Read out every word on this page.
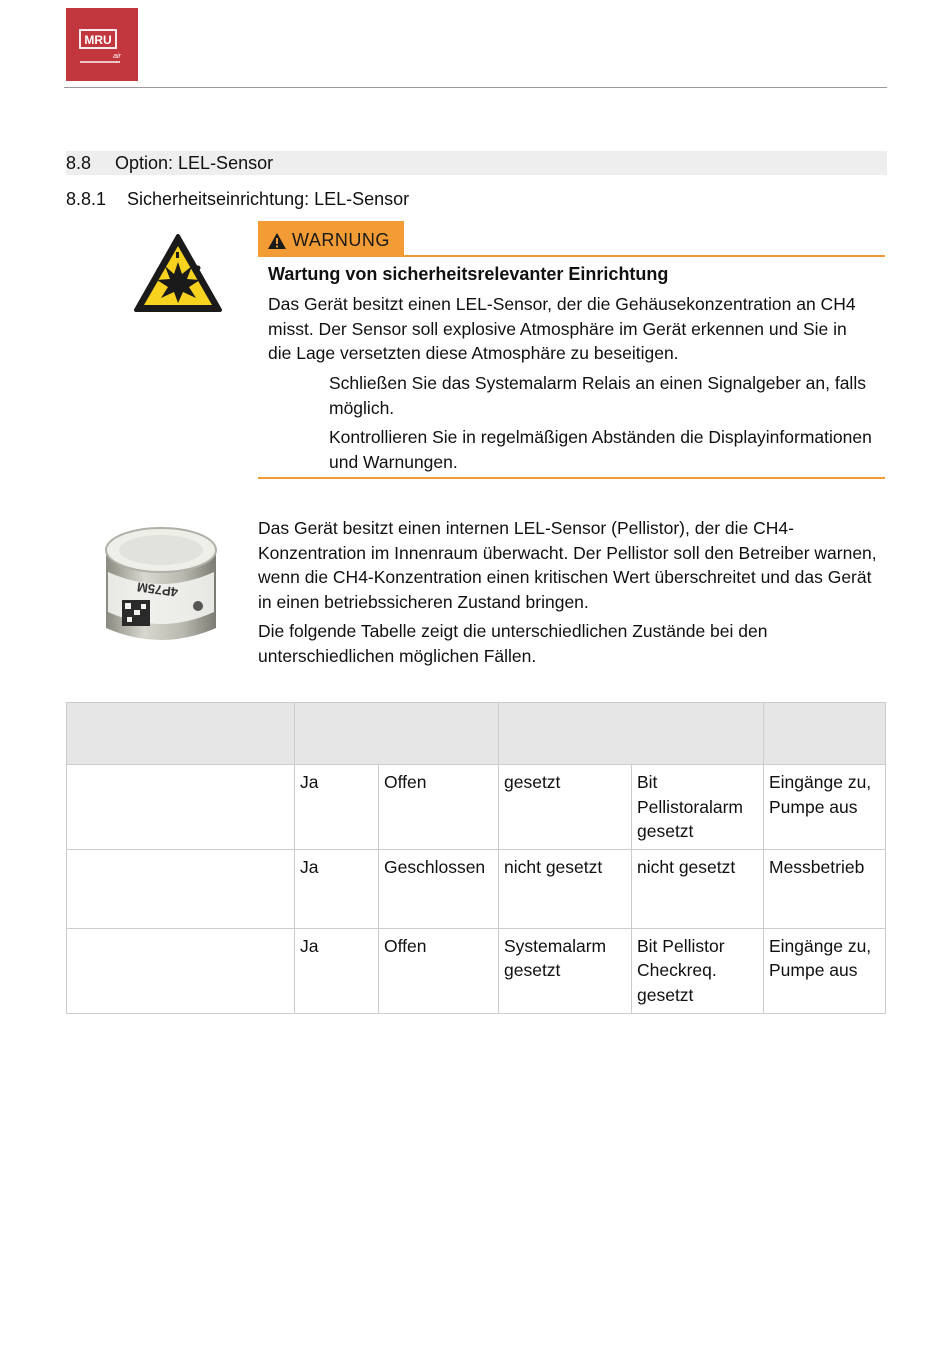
MRU
air
8.8 Option: LEL-Sensor
8.8.1 Sicherheitseinrichtung: LEL-Sensor
WARNUNG
Wartung von sicherheitsrelevanter Einrichtung

Das Gerät besitzt einen LEL-Sensor, der die Gehäusekonzentration an CH4 misst. Der Sensor soll explosive Atmosphäre im Gerät erkennen und Sie in die Lage versetzten diese Atmosphäre zu beseitigen.

Schließen Sie das Systemalarm Relais an einen Signalgeber an, falls möglich.

Kontrollieren Sie in regelmäßigen Abständen die Displayinformationen und Warnungen.

4P75M

Das Gerät besitzt einen internen LEL-Sensor (Pellistor), der die CH4-Konzentration im Innenraum überwacht. Der Pellistor soll den Betreiber warnen, wenn die CH4-Konzentration einen kritischen Wert überschreitet und das Gerät in einen betriebssicheren Zustand bringen.

Die folgende Tabelle zeigt die unterschiedlichen Zustände bei den unterschiedlichen möglichen Fällen.

	Ja	Offen	gesetzt	Bit Pellistoralarm gesetzt	Eingänge zu, Pumpe aus
	Ja	Geschlossen	nicht gesetzt	nicht gesetzt	Messbetrieb
	Ja	Offen	Systemalarm gesetzt	Bit Pellistor Checkreq. gesetzt	Eingänge zu, Pumpe aus
